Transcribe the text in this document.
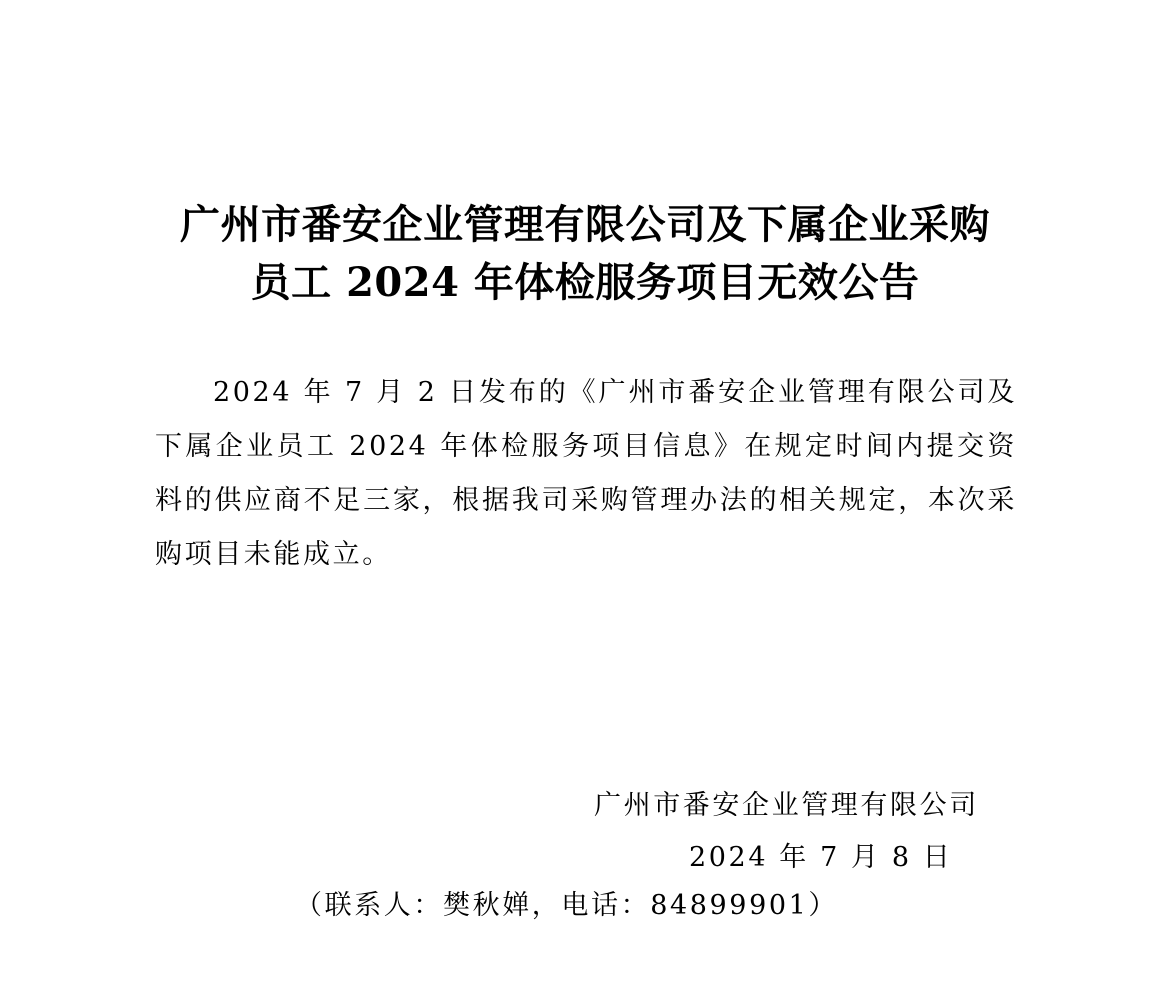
广州市番安企业管理有限公司及下属企业采购
员工 2024 年体检服务项目无效公告

2024 年 7 月 2 日发布的《广州市番安企业管理有限公司及下属企业员工 2024 年体检服务项目信息》在规定时间内提交资料的供应商不足三家，根据我司采购管理办法的相关规定，本次采购项目未能成立。

广州市番安企业管理有限公司

2024 年 7 月 8 日

（联系人：樊秋婵，电话：84899901）
